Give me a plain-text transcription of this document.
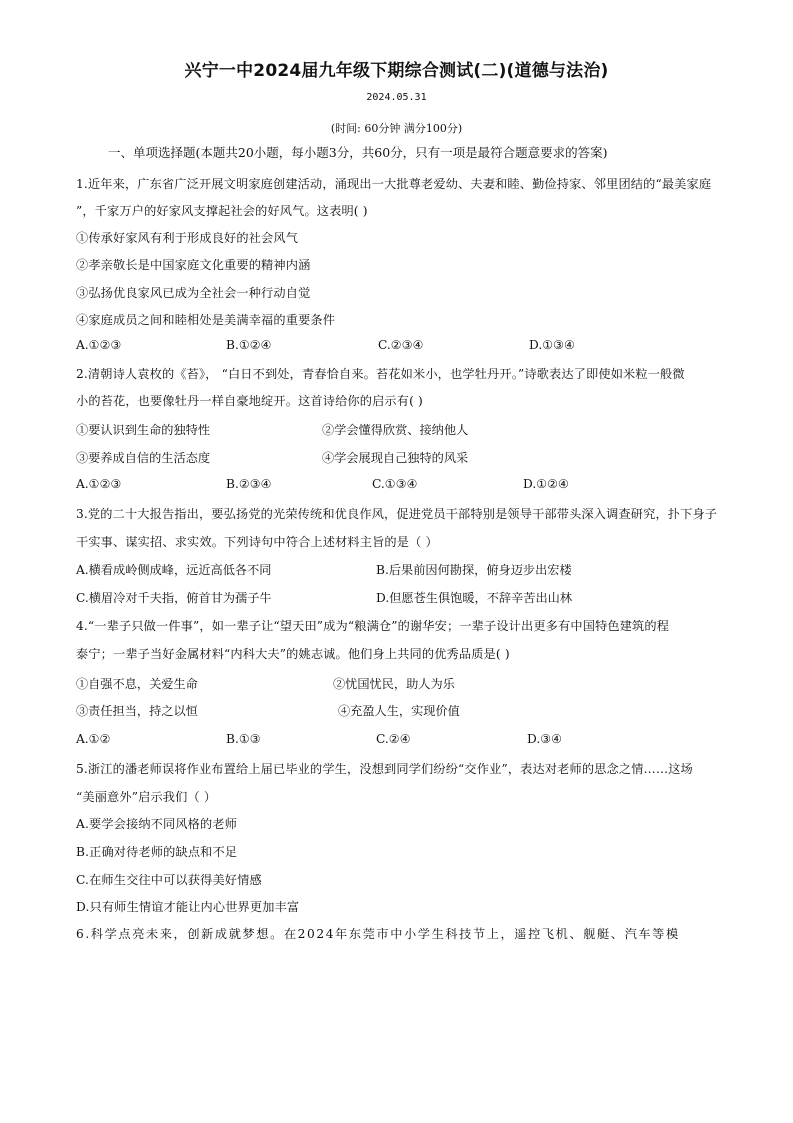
兴宁一中2024届九年级下期综合测试(二)(道德与法治)
2024.05.31
(时间: 60分钟 满分100分)
一、单项选择题(本题共20小题，每小题3分，共60分，只有一项是最符合题意要求的答案)
1.近年来，广东省广泛开展文明家庭创建活动，涌现出一大批尊老爱幼、夫妻和睦、勤俭持家、邻里团结的“最美家庭
”，千家万户的好家风支撑起社会的好风气。这表明( )
①传承好家风有利于形成良好的社会风气
②孝亲敬长是中国家庭文化重要的精神内涵
③弘扬优良家风已成为全社会一种行动自觉
④家庭成员之间和睦相处是美满幸福的重要条件
A.①②③	B.①②④	C.②③④	D.①③④
2.清朝诗人袁枚的《苔》， “白日不到处，青春恰自来。苔花如米小，也学牡丹开。”诗歌表达了即使如米粒一般微
小的苔花，也要像牡丹一样自豪地绽开。这首诗给你的启示有( )
①要认识到生命的独特性	②学会懂得欣赏、接纳他人
③要养成自信的生活态度	④学会展现自己独特的风采
A.①②③	B.②③④	C.①③④	D.①②④
3.党的二十大报告指出，要弘扬党的光荣传统和优良作风，促进党员干部特别是领导干部带头深入调查研究，扑下身子
干实事、谋实招、求实效。下列诗句中符合上述材料主旨的是（ ）
A.横看成岭侧成峰，远近高低各不同	B.后果前因何勘探，俯身迈步出宏楼
C.横眉冷对千夫指，俯首甘为孺子牛	D.但愿苍生俱饱暖，不辞辛苦出山林
4.“一辈子只做一件事”，如一辈子让“望天田”成为“粮满仓”的谢华安；一辈子设计出更多有中国特色建筑的程
泰宁；一辈子当好金属材料“内科大夫”的姚志诚。他们身上共同的优秀品质是( )
①自强不息，关爱生命	②忧国忧民，助人为乐
③责任担当，持之以恒	④充盈人生，实现价值
A.①②	B.①③	C.②④	D.③④
5.浙江的潘老师误将作业布置给上届已毕业的学生，没想到同学们纷纷“交作业”，表达对老师的思念之情……这场
“美丽意外”启示我们（ ）
A.要学会接纳不同风格的老师
B.正确对待老师的缺点和不足
C.在师生交往中可以获得美好情感
D.只有师生情谊才能让内心世界更加丰富
6.科学点亮未来，创新成就梦想。在2024年东莞市中小学生科技节上，遥控飞机、舰艇、汽车等模
